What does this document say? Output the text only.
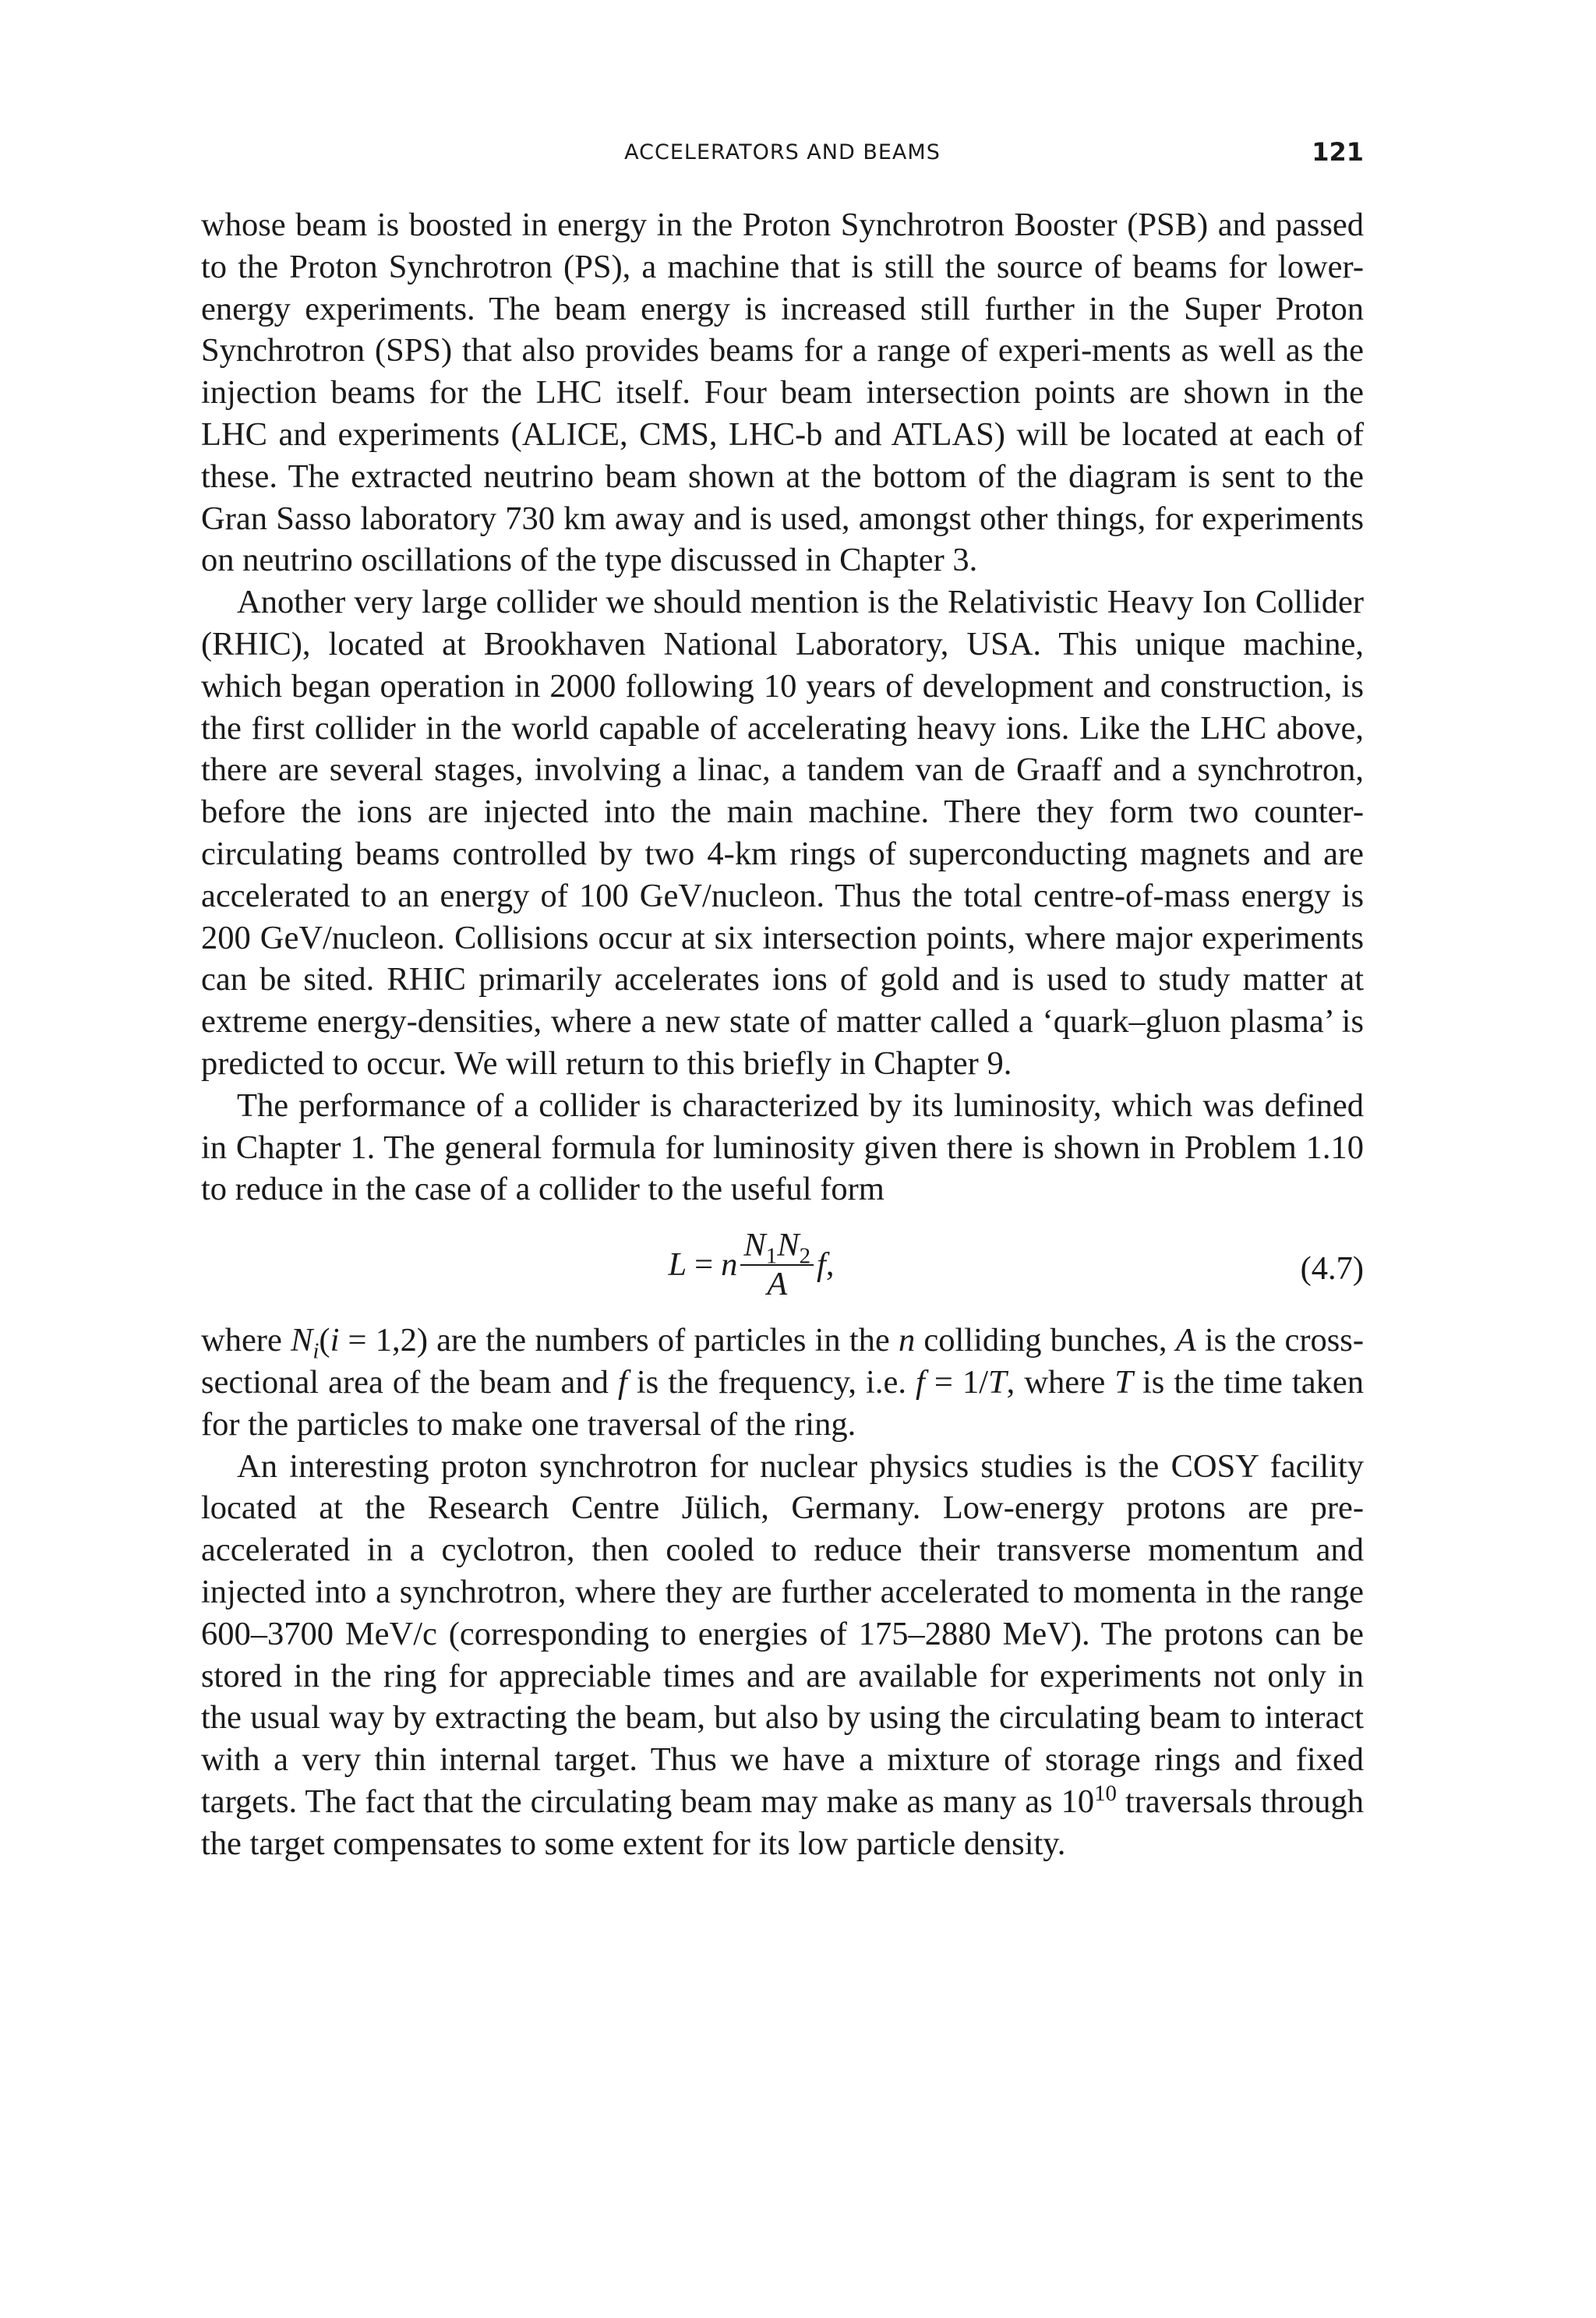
ACCELERATORS AND BEAMS	121

whose beam is boosted in energy in the Proton Synchrotron Booster (PSB) and passed to the Proton Synchrotron (PS), a machine that is still the source of beams for lower-energy experiments. The beam energy is increased still further in the Super Proton Synchrotron (SPS) that also provides beams for a range of experi-ments as well as the injection beams for the LHC itself. Four beam intersection points are shown in the LHC and experiments (ALICE, CMS, LHC-b and ATLAS) will be located at each of these. The extracted neutrino beam shown at the bottom of the diagram is sent to the Gran Sasso laboratory 730 km away and is used, amongst other things, for experiments on neutrino oscillations of the type discussed in Chapter 3.

Another very large collider we should mention is the Relativistic Heavy Ion Collider (RHIC), located at Brookhaven National Laboratory, USA. This unique machine, which began operation in 2000 following 10 years of development and construction, is the first collider in the world capable of accelerating heavy ions. Like the LHC above, there are several stages, involving a linac, a tandem van de Graaff and a synchrotron, before the ions are injected into the main machine. There they form two counter-circulating beams controlled by two 4-km rings of superconducting magnets and are accelerated to an energy of 100 GeV/nucleon. Thus the total centre-of-mass energy is 200 GeV/nucleon. Collisions occur at six intersection points, where major experiments can be sited. RHIC primarily accelerates ions of gold and is used to study matter at extreme energy-densities, where a new state of matter called a ‘quark–gluon plasma’ is predicted to occur. We will return to this briefly in Chapter 9.

The performance of a collider is characterized by its luminosity, which was defined in Chapter 1. The general formula for luminosity given there is shown in Problem 1.10 to reduce in the case of a collider to the useful form

L = n $\frac{N_1N_2}{A}$ f ,	(4.7)

where $N_i(i = 1,2)$ are the numbers of particles in the n colliding bunches, A is the cross-sectional area of the beam and f is the frequency, i.e. f = 1/T, where T is the time taken for the particles to make one traversal of the ring.

An interesting proton synchrotron for nuclear physics studies is the COSY facility located at the Research Centre Jülich, Germany. Low-energy protons are pre-accelerated in a cyclotron, then cooled to reduce their transverse momentum and injected into a synchrotron, where they are further accelerated to momenta in the range 600–3700 MeV/c (corresponding to energies of 175–2880 MeV). The protons can be stored in the ring for appreciable times and are available for experiments not only in the usual way by extracting the beam, but also by using the circulating beam to interact with a very thin internal target. Thus we have a mixture of storage rings and fixed targets. The fact that the circulating beam may make as many as $10^{10}$ traversals through the target compensates to some extent for its low particle density.
